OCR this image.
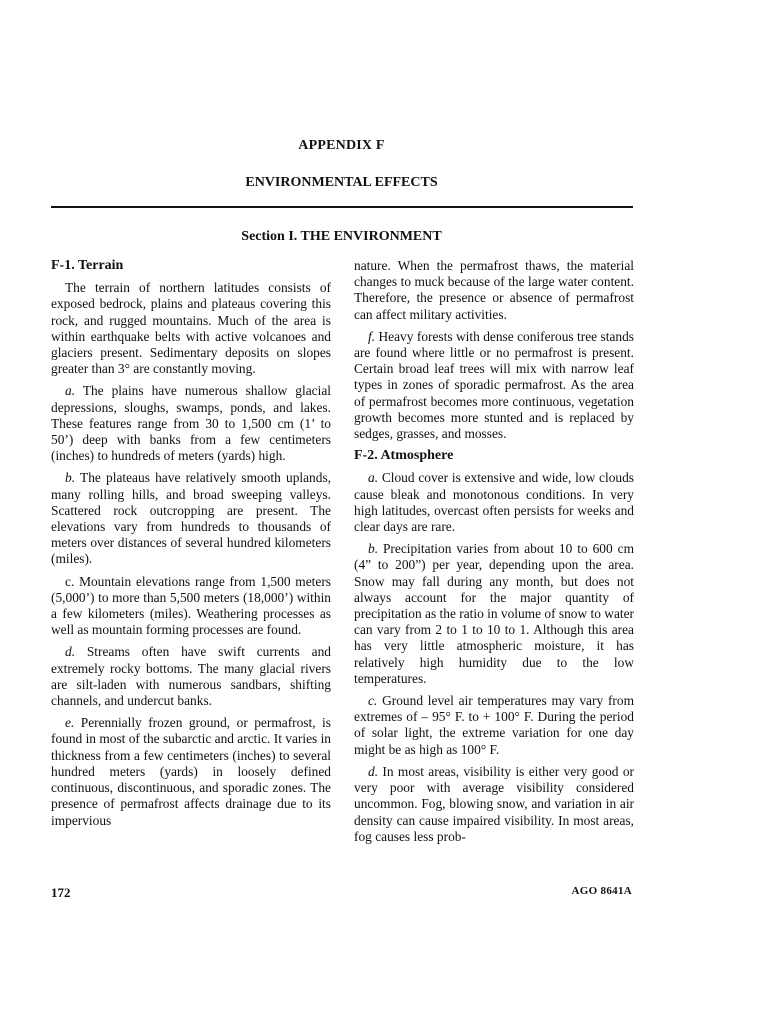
APPENDIX F
ENVIRONMENTAL EFFECTS
Section I. THE ENVIRONMENT
F-1. Terrain

The terrain of northern latitudes consists of exposed bedrock, plains and plateaus covering this rock, and rugged mountains. Much of the area is within earthquake belts with active volcanoes and glaciers present. Sedimentary deposits on slopes greater than 3° are constantly moving.

a. The plains have numerous shallow glacial depressions, sloughs, swamps, ponds, and lakes. These features range from 30 to 1,500 cm (1’ to 50’) deep with banks from a few centimeters (inches) to hundreds of meters (yards) high.

b. The plateaus have relatively smooth uplands, many rolling hills, and broad sweeping valleys. Scattered rock outcropping are present. The elevations vary from hundreds to thousands of meters over distances of several hundred kilometers (miles).

c. Mountain elevations range from 1,500 meters (5,000’) to more than 5,500 meters (18,000’) within a few kilometers (miles). Weathering processes as well as mountain forming processes are found.

d. Streams often have swift currents and extremely rocky bottoms. The many glacial rivers are silt-laden with numerous sandbars, shifting channels, and undercut banks.

e. Perennially frozen ground, or permafrost, is found in most of the subarctic and arctic. It varies in thickness from a few centimeters (inches) to several hundred meters (yards) in loosely defined continuous, discontinuous, and sporadic zones. The presence of permafrost affects drainage due to its impervious

nature. When the permafrost thaws, the material changes to muck because of the large water content. Therefore, the presence or absence of permafrost can affect military activities.

f. Heavy forests with dense coniferous tree stands are found where little or no permafrost is present. Certain broad leaf trees will mix with narrow leaf types in zones of sporadic permafrost. As the area of permafrost becomes more continuous, vegetation growth becomes more stunted and is replaced by sedges, grasses, and mosses.

F-2. Atmosphere

a. Cloud cover is extensive and wide, low clouds cause bleak and monotonous conditions. In very high latitudes, overcast often persists for weeks and clear days are rare.

b. Precipitation varies from about 10 to 600 cm (4” to 200”) per year, depending upon the area. Snow may fall during any month, but does not always account for the major quantity of precipitation as the ratio in volume of snow to water can vary from 2 to 1 to 10 to 1. Although this area has very little atmospheric moisture, it has relatively high humidity due to the low temperatures.

c. Ground level air temperatures may vary from extremes of – 95° F. to + 100° F. During the period of solar light, the extreme variation for one day might be as high as 100° F.

d. In most areas, visibility is either very good or very poor with average visibility considered uncommon. Fog, blowing snow, and variation in air density can cause impaired visibility. In most areas, fog causes less prob-

172	AGO 8641A
